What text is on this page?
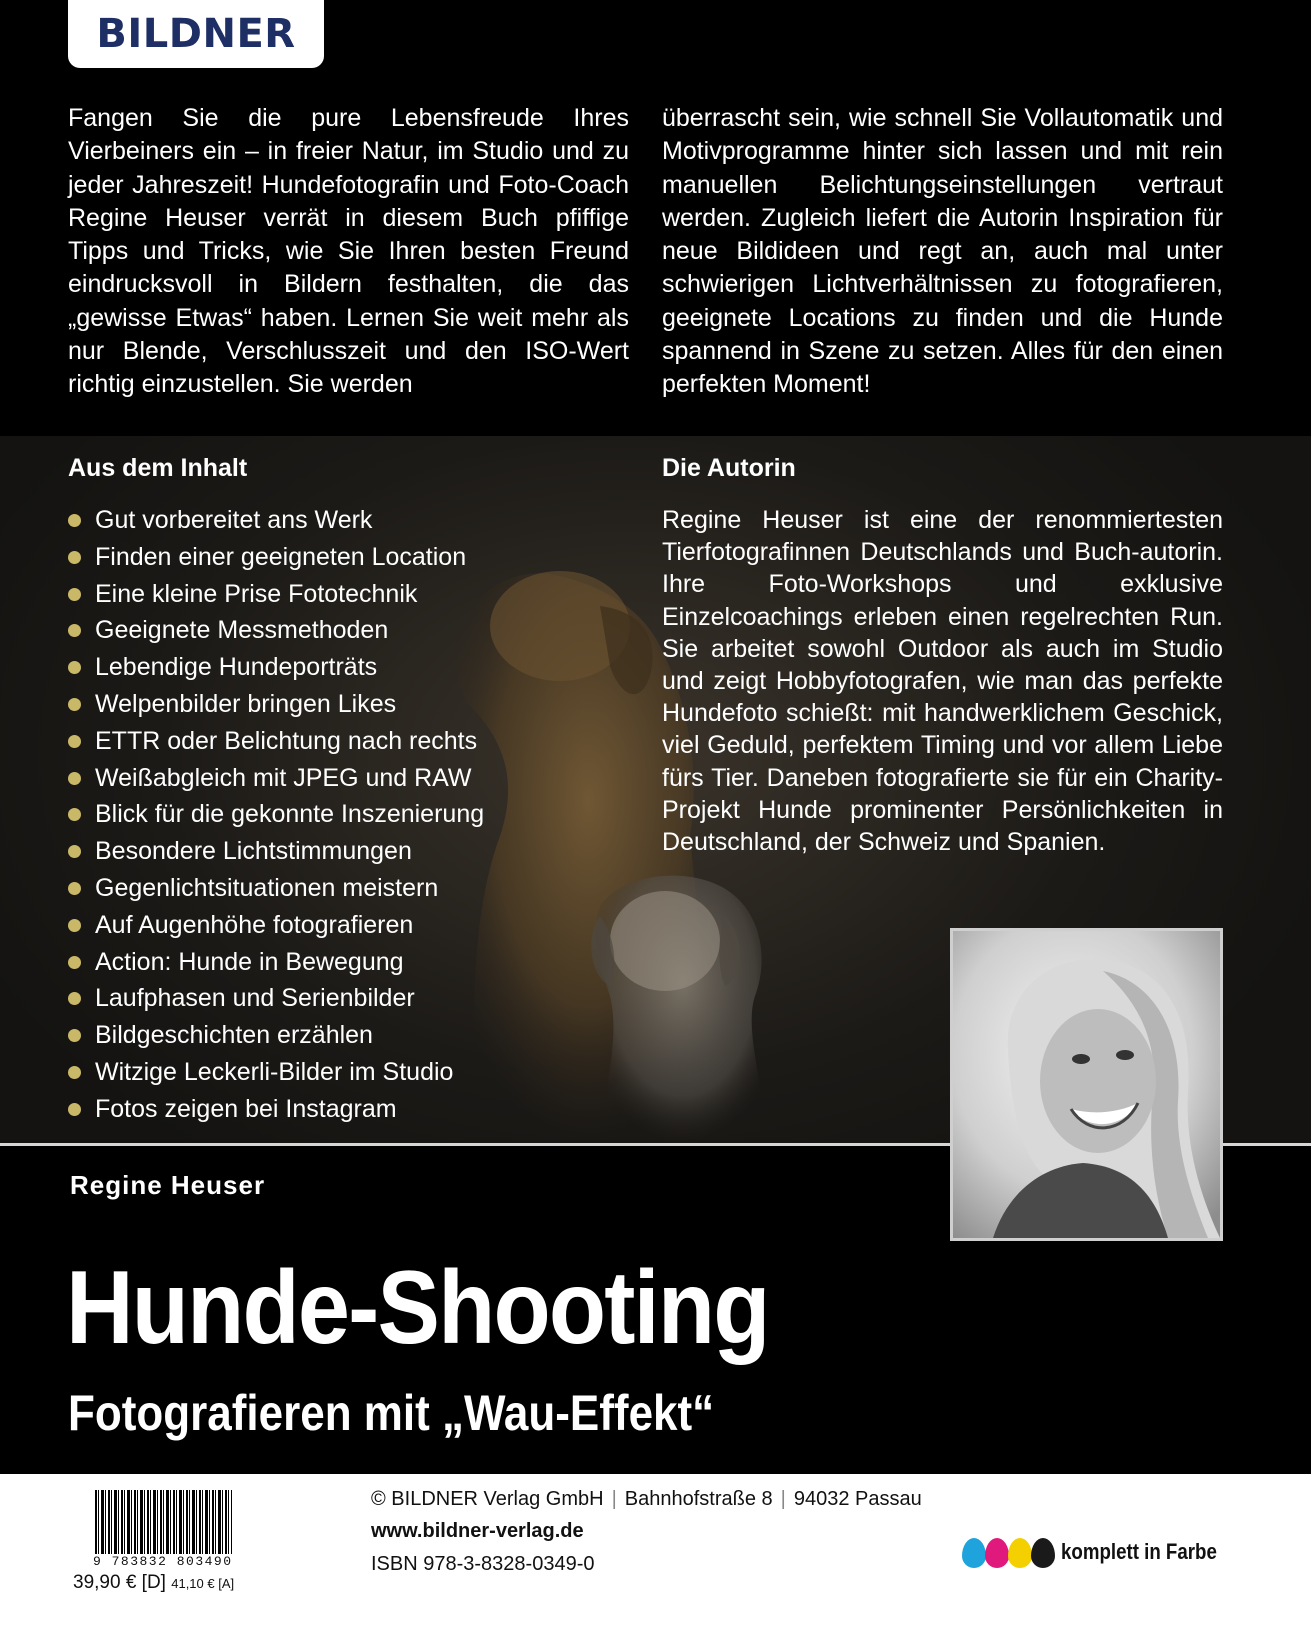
BILDNER

Fangen Sie die pure Lebensfreude Ihres Vierbeiners ein – in freier Natur, im Studio und zu jeder Jahreszeit! Hundefotografin und Foto-Coach Regine Heuser verrät in diesem Buch pfiffige Tipps und Tricks, wie Sie Ihren besten Freund eindrucksvoll in Bildern festhalten, die das „gewisse Etwas“ haben. Lernen Sie weit mehr als nur Blende, Verschlusszeit und den ISO-Wert richtig einzustellen. Sie werden

überrascht sein, wie schnell Sie Vollautomatik und Motivprogramme hinter sich lassen und mit rein manuellen Belichtungseinstellungen vertraut werden. Zugleich liefert die Autorin Inspiration für neue Bildideen und regt an, auch mal unter schwierigen Lichtverhältnissen zu fotografieren, geeignete Locations zu finden und die Hunde spannend in Szene zu setzen. Alles für den einen perfekten Moment!

Aus dem Inhalt	Die Autorin
Gut vorbereitet ans Werk
Finden einer geeigneten Location
Eine kleine Prise Fototechnik
Geeignete Messmethoden
Lebendige Hundeporträts
Welpenbilder bringen Likes
ETTR oder Belichtung nach rechts
Weißabgleich mit JPEG und RAW
Blick für die gekonnte Inszenierung
Besondere Lichtstimmungen
Gegenlichtsituationen meistern
Auf Augenhöhe fotografieren
Action: Hunde in Bewegung
Laufphasen und Serienbilder
Bildgeschichten erzählen
Witzige Leckerli-Bilder im Studio
Fotos zeigen bei Instagram

Regine Heuser ist eine der renommiertesten Tierfotografinnen Deutschlands und Buch-autorin. Ihre Foto-Workshops und exklusive Einzelcoachings erleben einen regelrechten Run. Sie arbeitet sowohl Outdoor als auch im Studio und zeigt Hobbyfotografen, wie man das perfekte Hundefoto schießt: mit handwerklichem Geschick, viel Geduld, perfektem Timing und vor allem Liebe fürs Tier. Daneben fotografierte sie für ein Charity-Projekt Hunde prominenter Persönlichkeiten in Deutschland, der Schweiz und Spanien.

Regine Heuser

Hunde-Shooting

Fotografieren mit „Wau-Effekt“

9 783832 803490

39,90 € [D] 41,10 € [A]

© BILDNER Verlag GmbH | Bahnhofstraße 8 | 94032 Passau

www.bildner-verlag.de

ISBN 978-3-8328-0349-0	komplett in Farbe
